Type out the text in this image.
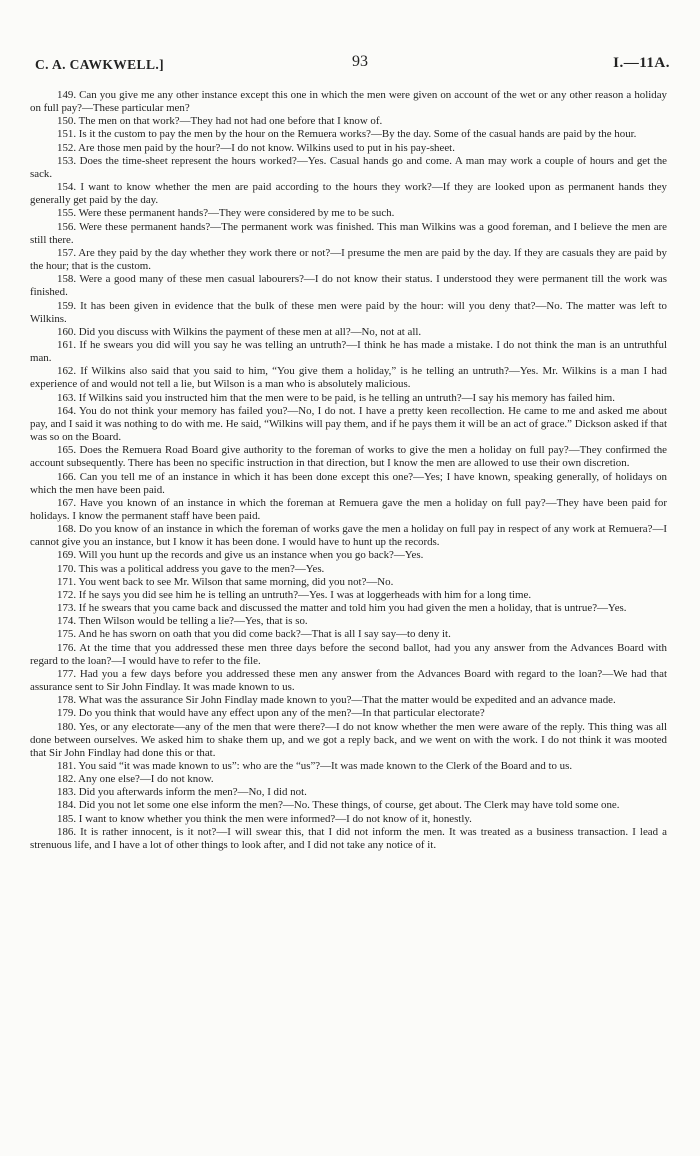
C. A. CAWKWELL.]	93	I.—11A.

149. Can you give me any other instance except this one in which the men were given on account of the wet or any other reason a holiday on full pay?—These particular men?

150. The men on that work?—They had not had one before that I know of.

151. Is it the custom to pay the men by the hour on the Remuera works?—By the day. Some of the casual hands are paid by the hour.

152. Are those men paid by the hour?—I do not know. Wilkins used to put in his pay-sheet.

153. Does the time-sheet represent the hours worked?—Yes. Casual hands go and come. A man may work a couple of hours and get the sack.

154. I want to know whether the men are paid according to the hours they work?—If they are looked upon as permanent hands they generally get paid by the day.

155. Were these permanent hands?—They were considered by me to be such.

156. Were these permanent hands?—The permanent work was finished. This man Wilkins was a good foreman, and I believe the men are still there.

157. Are they paid by the day whether they work there or not?—I presume the men are paid by the day. If they are casuals they are paid by the hour; that is the custom.

158. Were a good many of these men casual labourers?—I do not know their status. I understood they were permanent till the work was finished.

159. It has been given in evidence that the bulk of these men were paid by the hour: will you deny that?—No. The matter was left to Wilkins.

160. Did you discuss with Wilkins the payment of these men at all?—No, not at all.

161. If he swears you did will you say he was telling an untruth?—I think he has made a mistake. I do not think the man is an untruthful man.

162. If Wilkins also said that you said to him, “You give them a holiday,” is he telling an untruth?—Yes. Mr. Wilkins is a man I had experience of and would not tell a lie, but Wilson is a man who is absolutely malicious.

163. If Wilkins said you instructed him that the men were to be paid, is he telling an untruth?—I say his memory has failed him.

164. You do not think your memory has failed you?—No, I do not. I have a pretty keen recollection. He came to me and asked me about pay, and I said it was nothing to do with me. He said, “Wilkins will pay them, and if he pays them it will be an act of grace.” Dickson asked if that was so on the Board.

165. Does the Remuera Road Board give authority to the foreman of works to give the men a holiday on full pay?—They confirmed the account subsequently. There has been no specific instruction in that direction, but I know the men are allowed to use their own discretion.

166. Can you tell me of an instance in which it has been done except this one?—Yes; I have known, speaking generally, of holidays on which the men have been paid.

167. Have you known of an instance in which the foreman at Remuera gave the men a holiday on full pay?—They have been paid for holidays. I know the permanent staff have been paid.

168. Do you know of an instance in which the foreman of works gave the men a holiday on full pay in respect of any work at Remuera?—I cannot give you an instance, but I know it has been done. I would have to hunt up the records.

169. Will you hunt up the records and give us an instance when you go back?—Yes.

170. This was a political address you gave to the men?—Yes.

171. You went back to see Mr. Wilson that same morning, did you not?—No.

172. If he says you did see him he is telling an untruth?—Yes. I was at loggerheads with him for a long time.

173. If he swears that you came back and discussed the matter and told him you had given the men a holiday, that is untrue?—Yes.

174. Then Wilson would be telling a lie?—Yes, that is so.

175. And he has sworn on oath that you did come back?—That is all I say say—to deny it.

176. At the time that you addressed these men three days before the second ballot, had you any answer from the Advances Board with regard to the loan?—I would have to refer to the file.

177. Had you a few days before you addressed these men any answer from the Advances Board with regard to the loan?—We had that assurance sent to Sir John Findlay. It was made known to us.

178. What was the assurance Sir John Findlay made known to you?—That the matter would be expedited and an advance made.

179. Do you think that would have any effect upon any of the men?—In that particular electorate?

180. Yes, or any electorate—any of the men that were there?—I do not know whether the men were aware of the reply. This thing was all done between ourselves. We asked him to shake them up, and we got a reply back, and we went on with the work. I do not think it was mooted that Sir John Findlay had done this or that.

181. You said “it was made known to us”: who are the “us”?—It was made known to the Clerk of the Board and to us.

182. Any one else?—I do not know.

183. Did you afterwards inform the men?—No, I did not.

184. Did you not let some one else inform the men?—No. These things, of course, get about. The Clerk may have told some one.

185. I want to know whether you think the men were informed?—I do not know of it, honestly.

186. It is rather innocent, is it not?—I will swear this, that I did not inform the men. It was treated as a business transaction. I lead a strenuous life, and I have a lot of other things to look after, and I did not take any notice of it.
